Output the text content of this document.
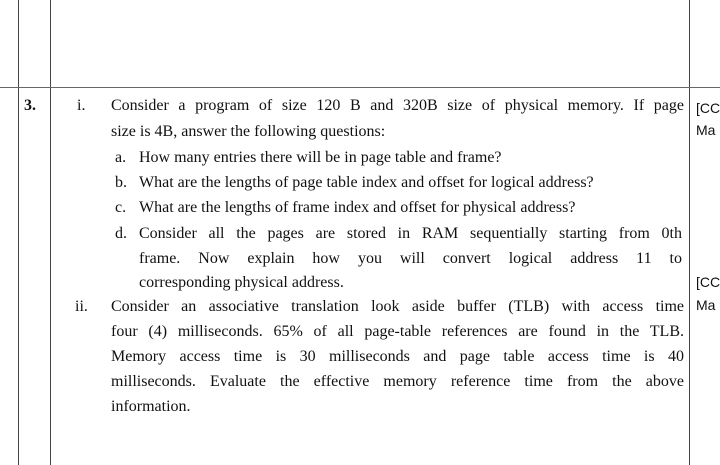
3.	i. Consider a program of size 120 B and 320B size of physical memory. If page
size is 4B, answer the following questions:
a. How many entries there will be in page table and frame?
b. What are the lengths of page table index and offset for logical address?
c. What are the lengths of frame index and offset for physical address?
d. Consider all the pages are stored in RAM sequentially starting from 0th
frame. Now explain how you will convert logical address 11 to
corresponding physical address.
[CC
Ma
ii. Consider an associative translation look aside buffer (TLB) with access time
four (4) milliseconds. 65% of all page-table references are found in the TLB.
Memory access time is 30 milliseconds and page table access time is 40
milliseconds. Evaluate the effective memory reference time from the above
information.
[CC
Ma
